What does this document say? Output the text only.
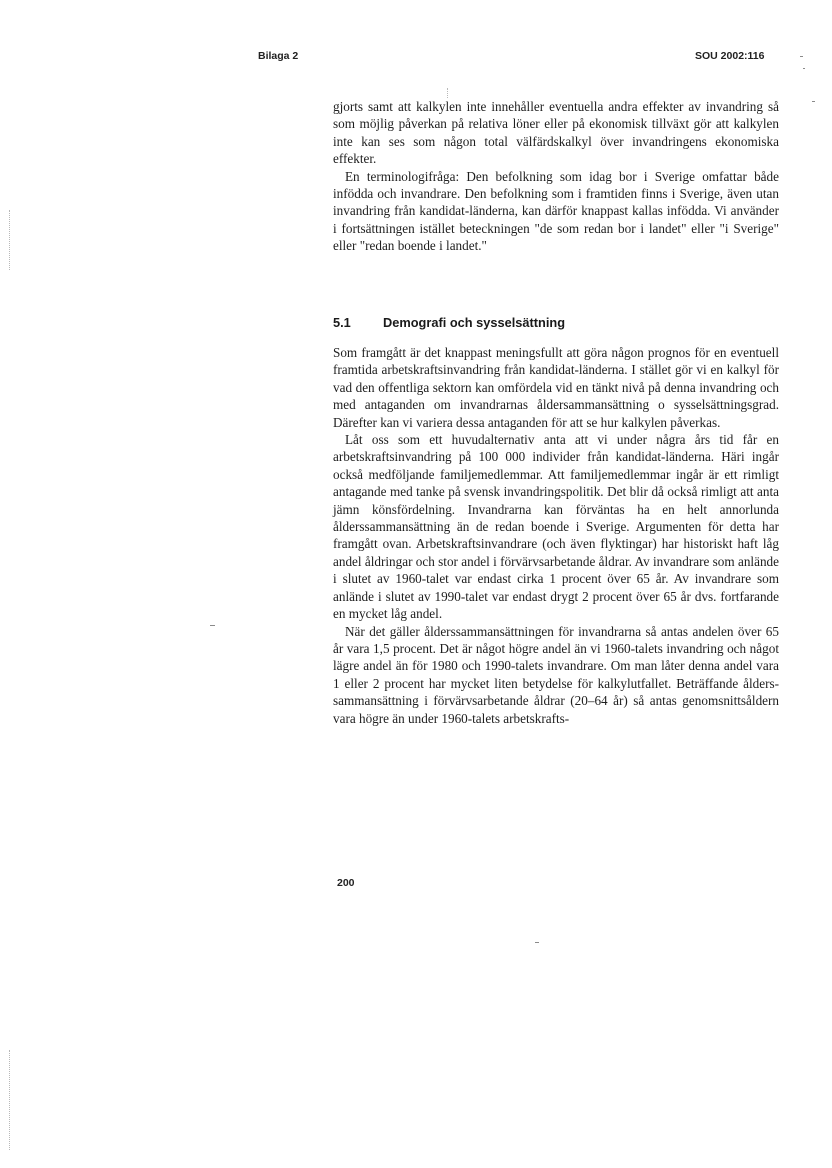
Bilaga 2	SOU 2002:116

gjorts samt att kalkylen inte innehåller eventuella andra effekter av invandring så som möjlig påverkan på relativa löner eller på ekonomisk tillväxt gör att kalkylen inte kan ses som någon total välfärdskalkyl över invandringens ekonomiska effekter.

En terminologifråga: Den befolkning som idag bor i Sverige omfattar både infödda och invandrare. Den befolkning som i framtiden finns i Sverige, även utan invandring från kandidat-länderna, kan därför knappast kallas infödda. Vi använder i fortsättningen istället beteckningen "de som redan bor i landet" eller "i Sverige" eller "redan boende i landet."

5.1	Demografi och sysselsättning

Som framgått är det knappast meningsfullt att göra någon prognos för en eventuell framtida arbetskraftsinvandring från kandidat-länderna. I stället gör vi en kalkyl för vad den offentliga sektorn kan omfördela vid en tänkt nivå på denna invandring och med antaganden om invandrarnas åldersammansättning o sysselsättningsgrad. Därefter kan vi variera dessa antaganden för att se hur kalkylen påverkas.

Låt oss som ett huvudalternativ anta att vi under några års tid får en arbetskraftsinvandring på 100 000 individer från kandidat-länderna. Häri ingår också medföljande familjemedlemmar. Att familjemedlemmar ingår är ett rimligt antagande med tanke på svensk invandringspolitik. Det blir då också rimligt att anta jämn könsfördelning. Invandrarna kan förväntas ha en helt annorlunda ålderssammansättning än de redan boende i Sverige. Argumenten för detta har framgått ovan. Arbetskraftsinvandrare (och även flyktingar) har historiskt haft låg andel åldringar och stor andel i förvärvsarbetande åldrar. Av invandrare som anlände i slutet av 1960-talet var endast cirka 1 procent över 65 år. Av invandrare som anlände i slutet av 1990-talet var endast drygt 2 procent över 65 år dvs. fortfarande en mycket låg andel.

När det gäller ålderssammansättningen för invandrarna så antas andelen över 65 år vara 1,5 procent. Det är något högre andel än vi 1960-talets invandring och något lägre andel än för 1980 och 1990-talets invandrare. Om man låter denna andel vara 1 eller 2 procent har mycket liten betydelse för kalkylutfallet. Beträffande ålders-sammansättning i förvärvsarbetande åldrar (20–64 år) så antas genomsnittsåldern vara högre än under 1960-talets arbetskrafts-

200
